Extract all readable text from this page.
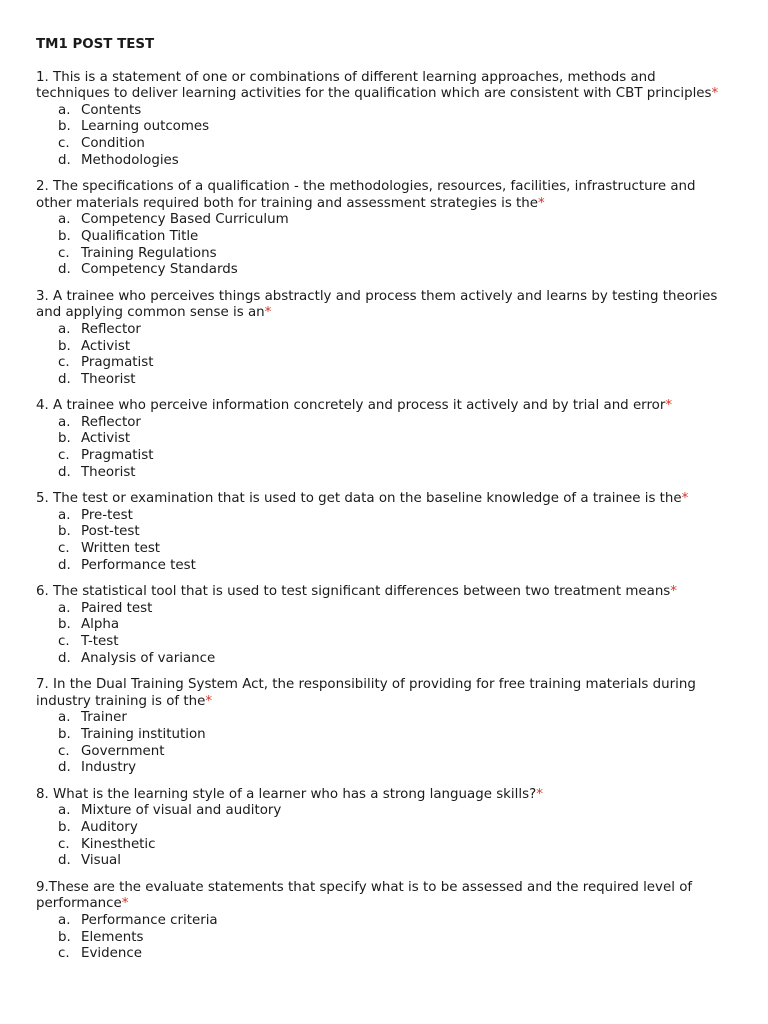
TM1 POST TEST

1. This is a statement of one or combinations of different learning approaches, methods and techniques to deliver learning activities for the qualification which are consistent with CBT principles*

a. Contents
b. Learning outcomes
c. Condition
d. Methodologies

2. The specifications of a qualification - the methodologies, resources, facilities, infrastructure and other materials required both for training and assessment strategies is the*

a. Competency Based Curriculum
b. Qualification Title
c. Training Regulations
d. Competency Standards

3. A trainee who perceives things abstractly and process them actively and learns by testing theories and applying common sense is an*

a. Reflector
b. Activist
c. Pragmatist
d. Theorist

4. A trainee who perceive information concretely and process it actively and by trial and error*

a. Reflector
b. Activist
c. Pragmatist
d. Theorist

5. The test or examination that is used to get data on the baseline knowledge of a trainee is the*

a. Pre-test
b. Post-test
c. Written test
d. Performance test

6. The statistical tool that is used to test significant differences between two treatment means*

a. Paired test
b. Alpha
c. T-test
d. Analysis of variance

7. In the Dual Training System Act, the responsibility of providing for free training materials during industry training is of the*

a. Trainer
b. Training institution
c. Government
d. Industry

8. What is the learning style of a learner who has a strong language skills?*

a. Mixture of visual and auditory
b. Auditory
c. Kinesthetic
d. Visual

9.These are the evaluate statements that specify what is to be assessed and the required level of performance*

a. Performance criteria
b. Elements
c. Evidence
